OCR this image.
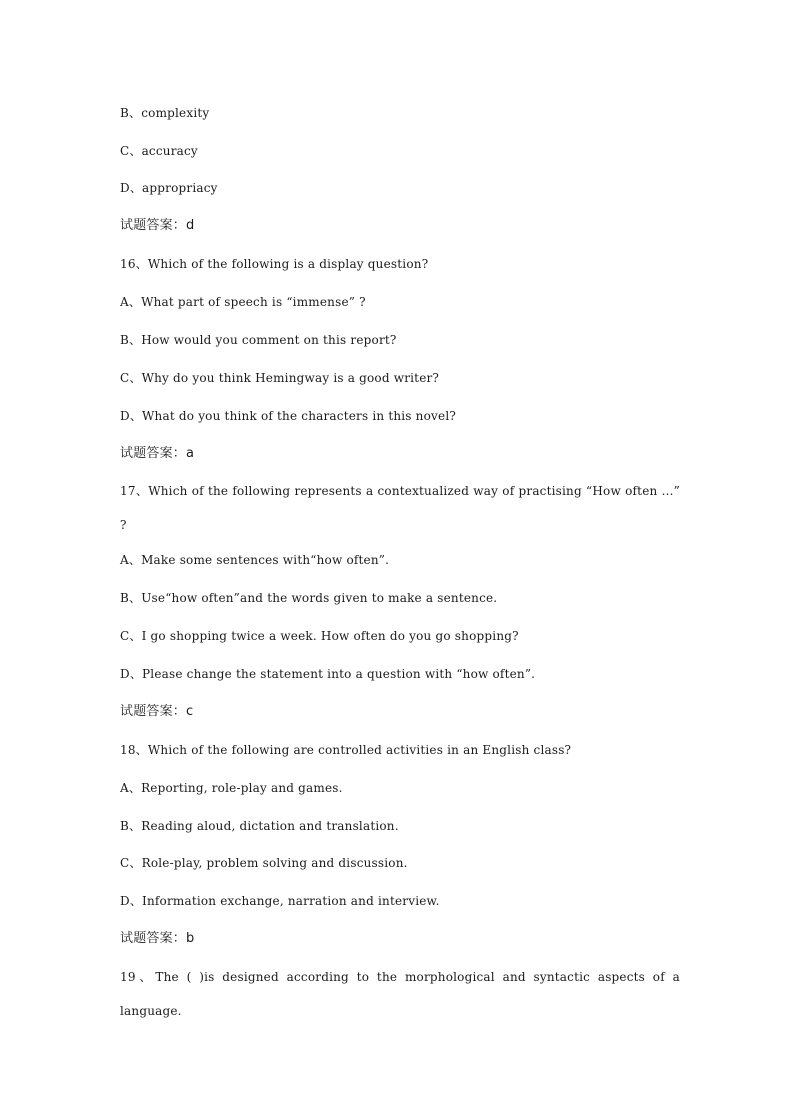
B、complexity
C、accuracy
D、appropriacy
试题答案：d
16、Which of the following is a display question?
A、What part of speech is “immense” ?
B、How would you comment on this report?
C、Why do you think Hemingway is a good writer?
D、What do you think of the characters in this novel?
试题答案：a
17、Which of the following represents a contextualized way of practising “How often ...” ?
A、Make some sentences with“how often”.
B、Use“how often”and the words given to make a sentence.
C、I go shopping twice a week. How often do you go shopping?
D、Please change the statement into a question with “how often”.
试题答案：c
18、Which of the following are controlled activities in an English class?
A、Reporting, role-play and games.
B、Reading aloud, dictation and translation.
C、Role-play, problem solving and discussion.
D、Information exchange, narration and interview.
试题答案：b
19、The ( )is designed according to the morphological and syntactic aspects of a language.
